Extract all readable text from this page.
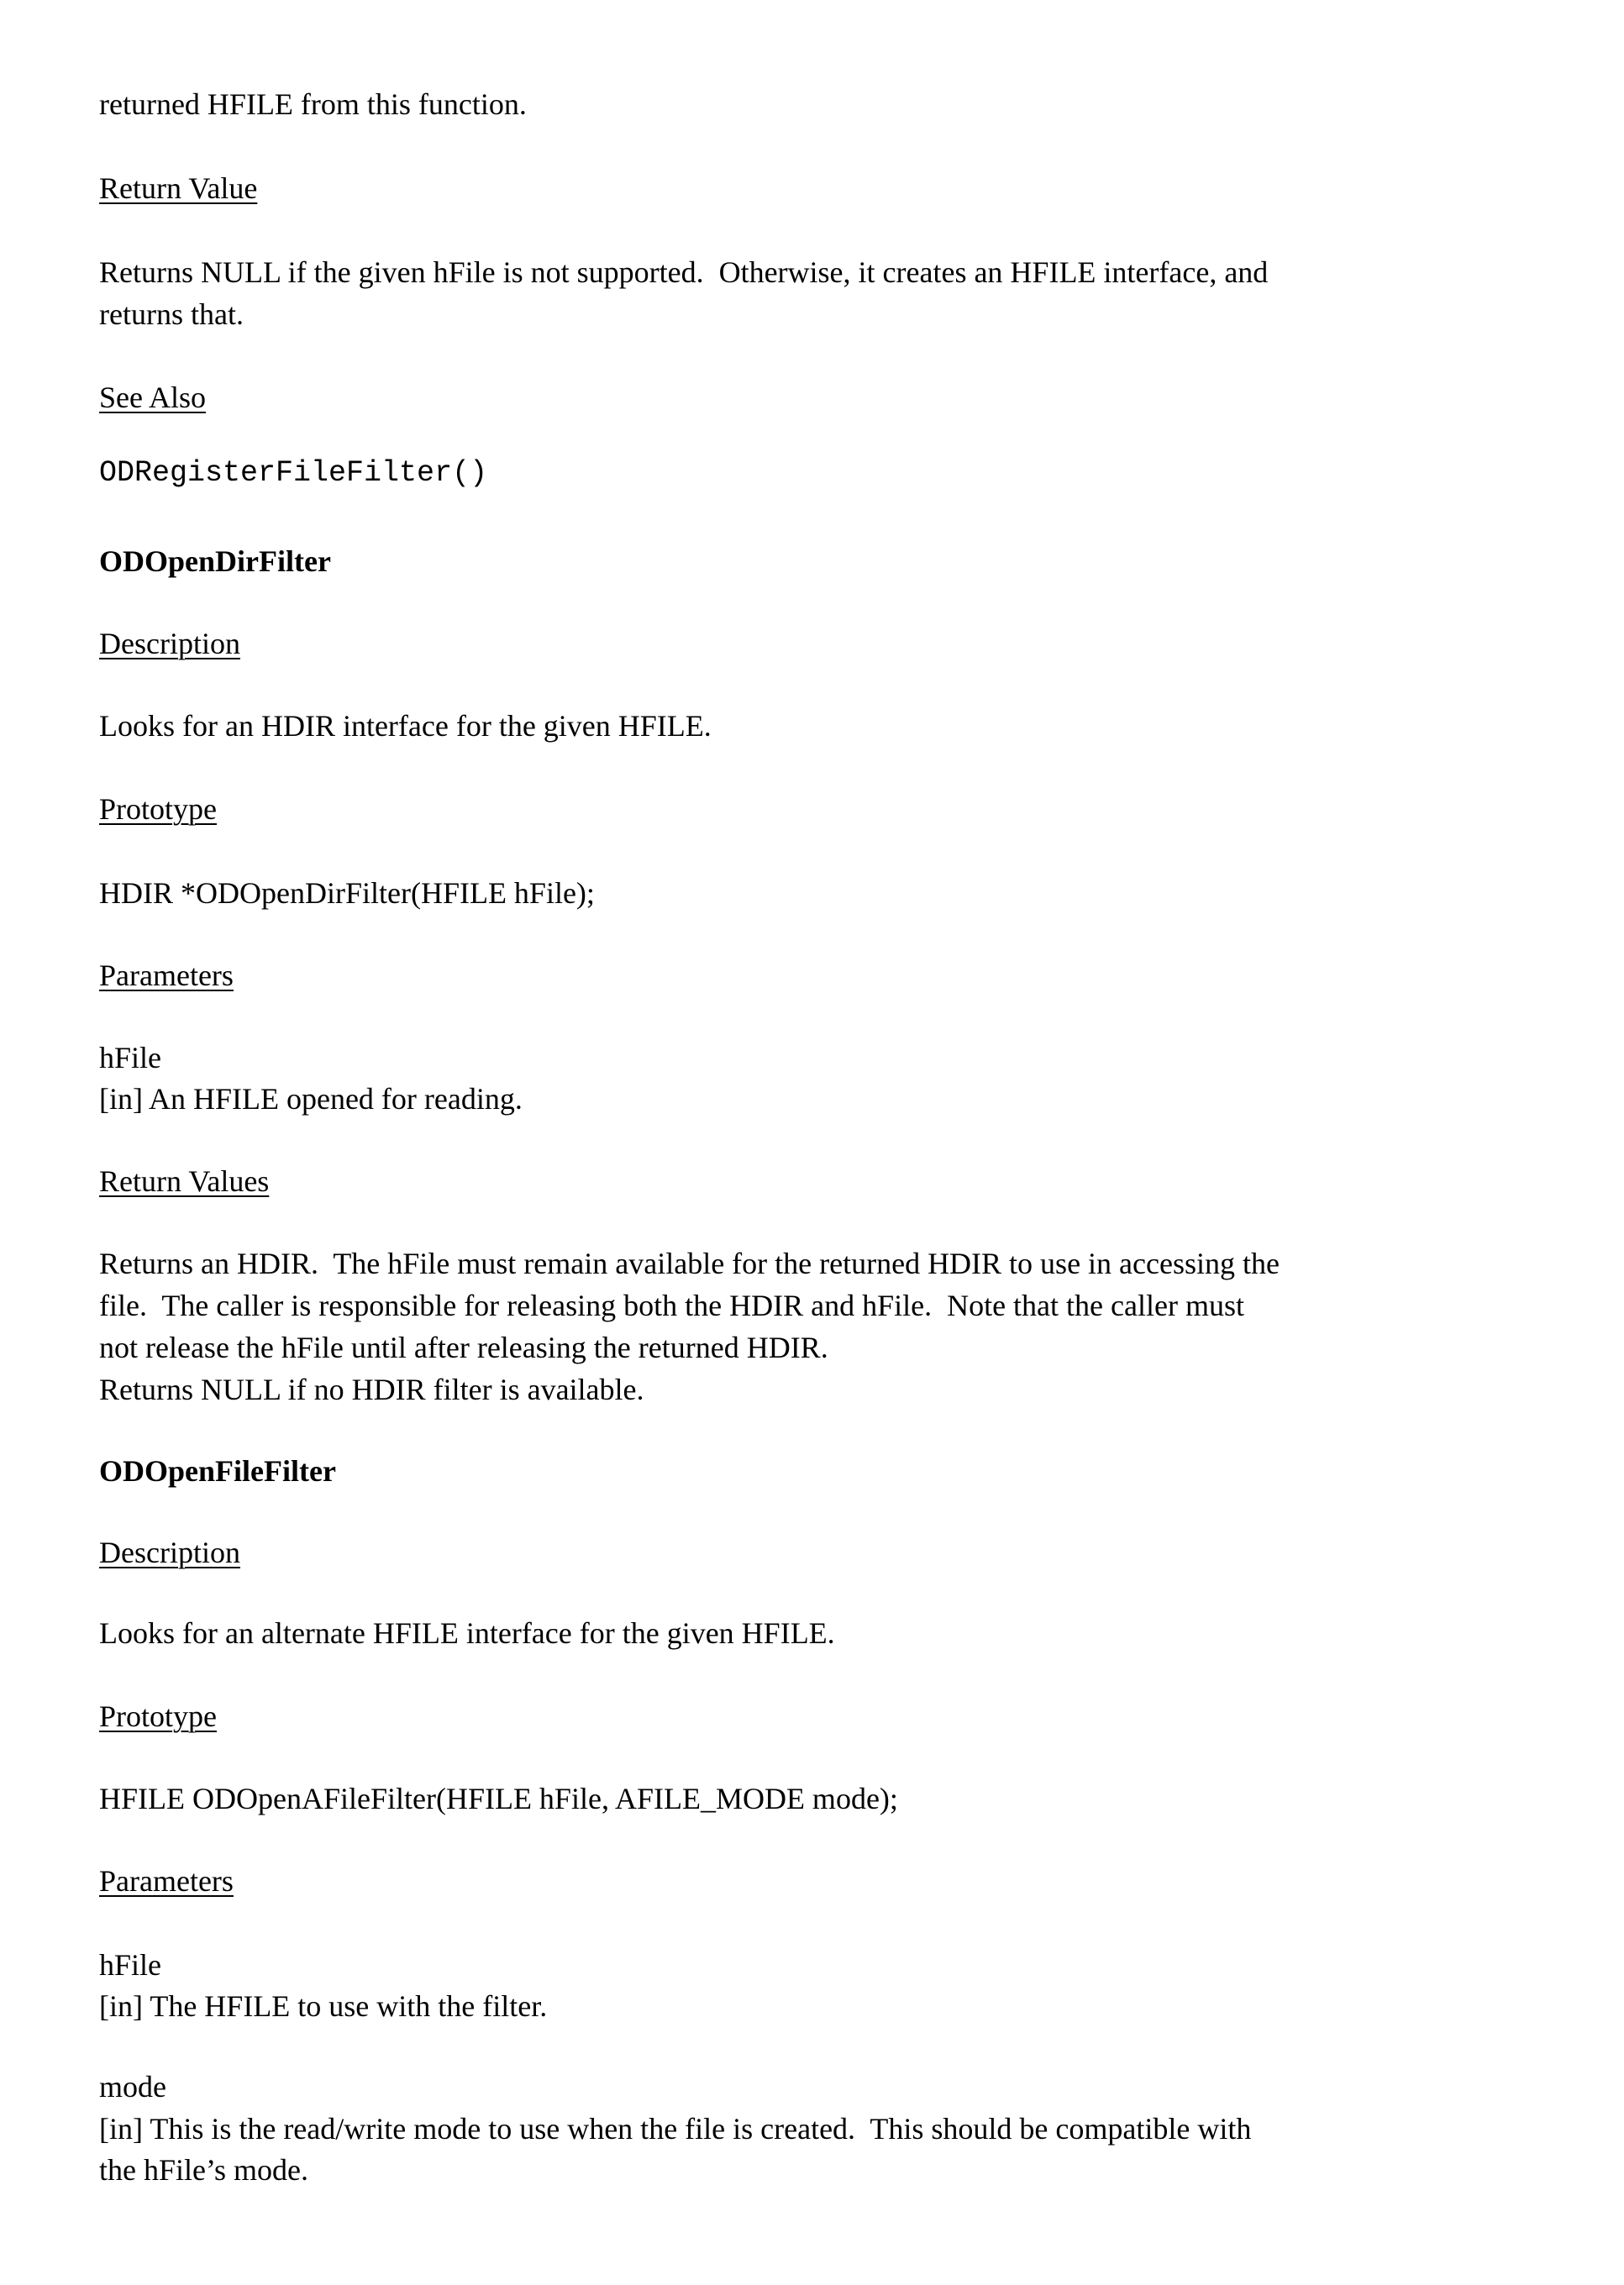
returned HFILE from this function.
Return Value
Returns NULL if the given hFile is not supported.  Otherwise, it creates an HFILE interface, and
returns that.
See Also
ODRegisterFileFilter()
ODOpenDirFilter
Description
Looks for an HDIR interface for the given HFILE.
Prototype
HDIR *ODOpenDirFilter(HFILE hFile);
Parameters
hFile
[in] An HFILE opened for reading.
Return Values
Returns an HDIR.  The hFile must remain available for the returned HDIR to use in accessing the
file.  The caller is responsible for releasing both the HDIR and hFile.  Note that the caller must
not release the hFile until after releasing the returned HDIR.
Returns NULL if no HDIR filter is available.
ODOpenFileFilter
Description
Looks for an alternate HFILE interface for the given HFILE.
Prototype
HFILE ODOpenAFileFilter(HFILE hFile, AFILE_MODE mode);
Parameters
hFile
[in] The HFILE to use with the filter.
mode
[in] This is the read/write mode to use when the file is created.  This should be compatible with
the hFile’s mode.
